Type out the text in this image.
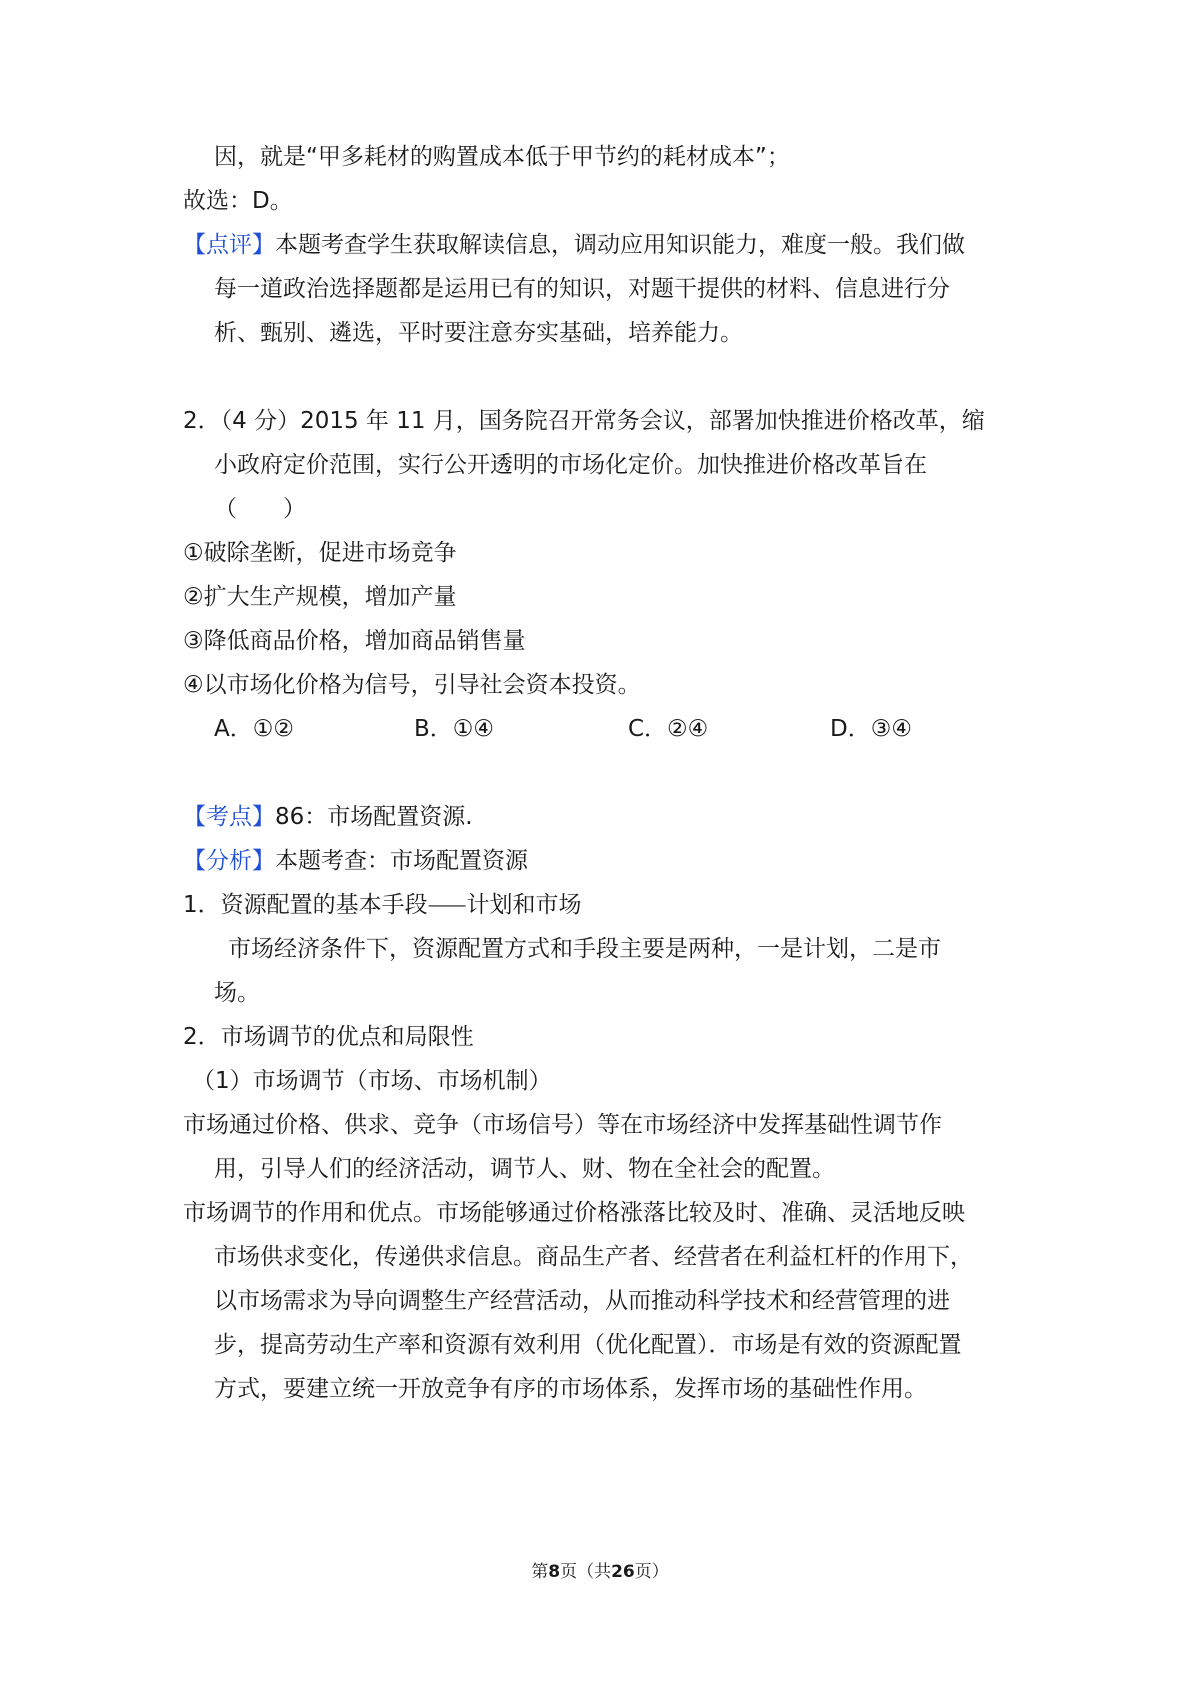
因，就是“甲多耗材的购置成本低于甲节约的耗材成本”；
故选：D。
【点评】本题考查学生获取解读信息，调动应用知识能力，难度一般。我们做
每一道政治选择题都是运用已有的知识，对题干提供的材料、信息进行分
析、甄别、遴选，平时要注意夯实基础，培养能力。
2．（4 分）2015 年 11 月，国务院召开常务会议，部署加快推进价格改革，缩
小政府定价范围，实行公开透明的市场化定价。加快推进价格改革旨在
（　　）
①破除垄断，促进市场竞争
②扩大生产规模，增加产量
③降低商品价格，增加商品销售量
④以市场化价格为信号，引导社会资本投资。
A．①②	B．①④	C．②④	D．③④
【考点】86：市场配置资源.
【分析】本题考查：市场配置资源
1．资源配置的基本手段⸺计划和市场
市场经济条件下，资源配置方式和手段主要是两种，一是计划，二是市
场。
2．市场调节的优点和局限性
（1）市场调节（市场、市场机制）
市场通过价格、供求、竞争（市场信号）等在市场经济中发挥基础性调节作
用，引导人们的经济活动，调节人、财、物在全社会的配置。
市场调节的作用和优点。市场能够通过价格涨落比较及时、准确、灵活地反映
市场供求变化，传递供求信息。商品生产者、经营者在利益杠杆的作用下，
以市场需求为导向调整生产经营活动，从而推动科学技术和经营管理的进
步，提高劳动生产率和资源有效利用（优化配置）．市场是有效的资源配置
方式，要建立统一开放竞争有序的市场体系，发挥市场的基础性作用。
第8页（共26页）
